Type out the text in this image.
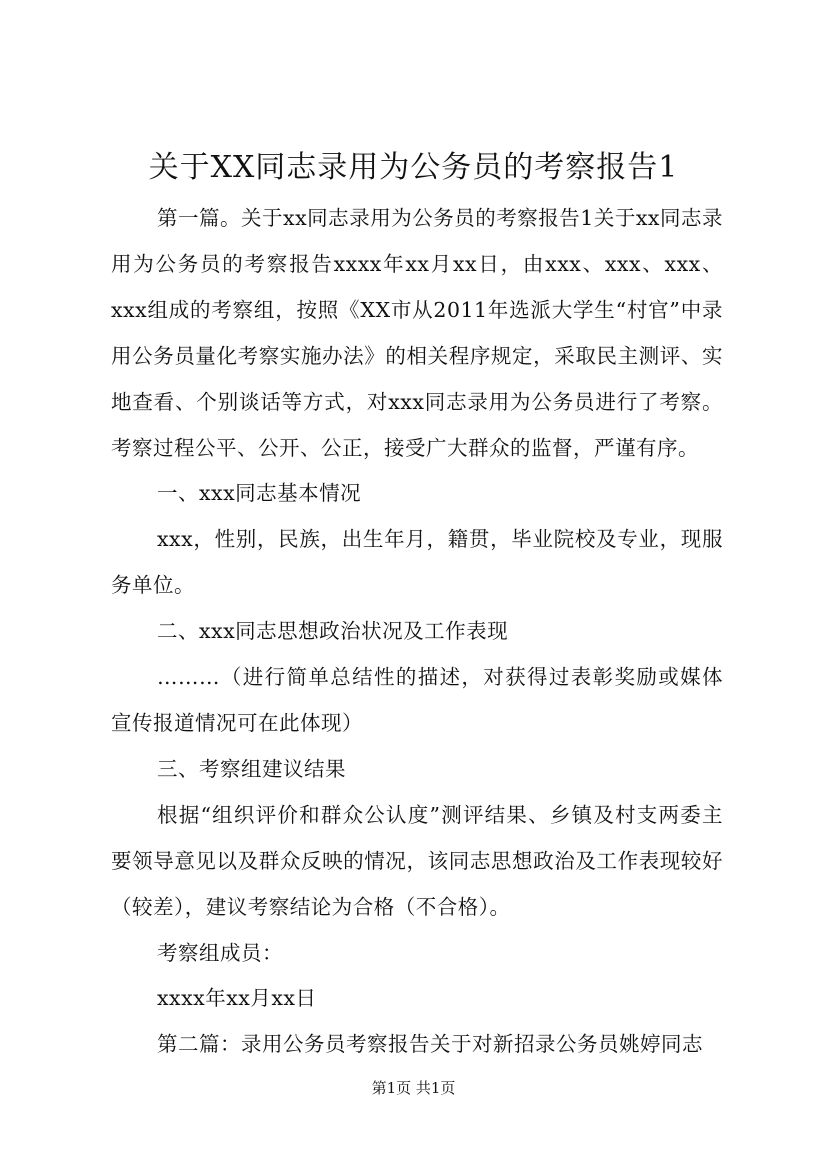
关于XX同志录用为公务员的考察报告1

第一篇。关于xx同志录用为公务员的考察报告1关于xx同志录用为公务员的考察报告xxxx年xx月xx日，由xxx、xxx、xxx、xxx组成的考察组，按照《XX市从2011年选派大学生“村官”中录用公务员量化考察实施办法》的相关程序规定，采取民主测评、实地查看、个别谈话等方式，对xxx同志录用为公务员进行了考察。考察过程公平、公开、公正，接受广大群众的监督，严谨有序。

一、xxx同志基本情况

xxx，性别，民族，出生年月，籍贯，毕业院校及专业，现服务单位。

二、xxx同志思想政治状况及工作表现

………（进行简单总结性的描述，对获得过表彰奖励或媒体宣传报道情况可在此体现）

三、考察组建议结果

根据“组织评价和群众公认度”测评结果、乡镇及村支两委主要领导意见以及群众反映的情况，该同志思想政治及工作表现较好（较差），建议考察结论为合格（不合格）。

考察组成员：

xxxx年xx月xx日

第二篇：录用公务员考察报告关于对新招录公务员姚婷同志

第1页 共1页
